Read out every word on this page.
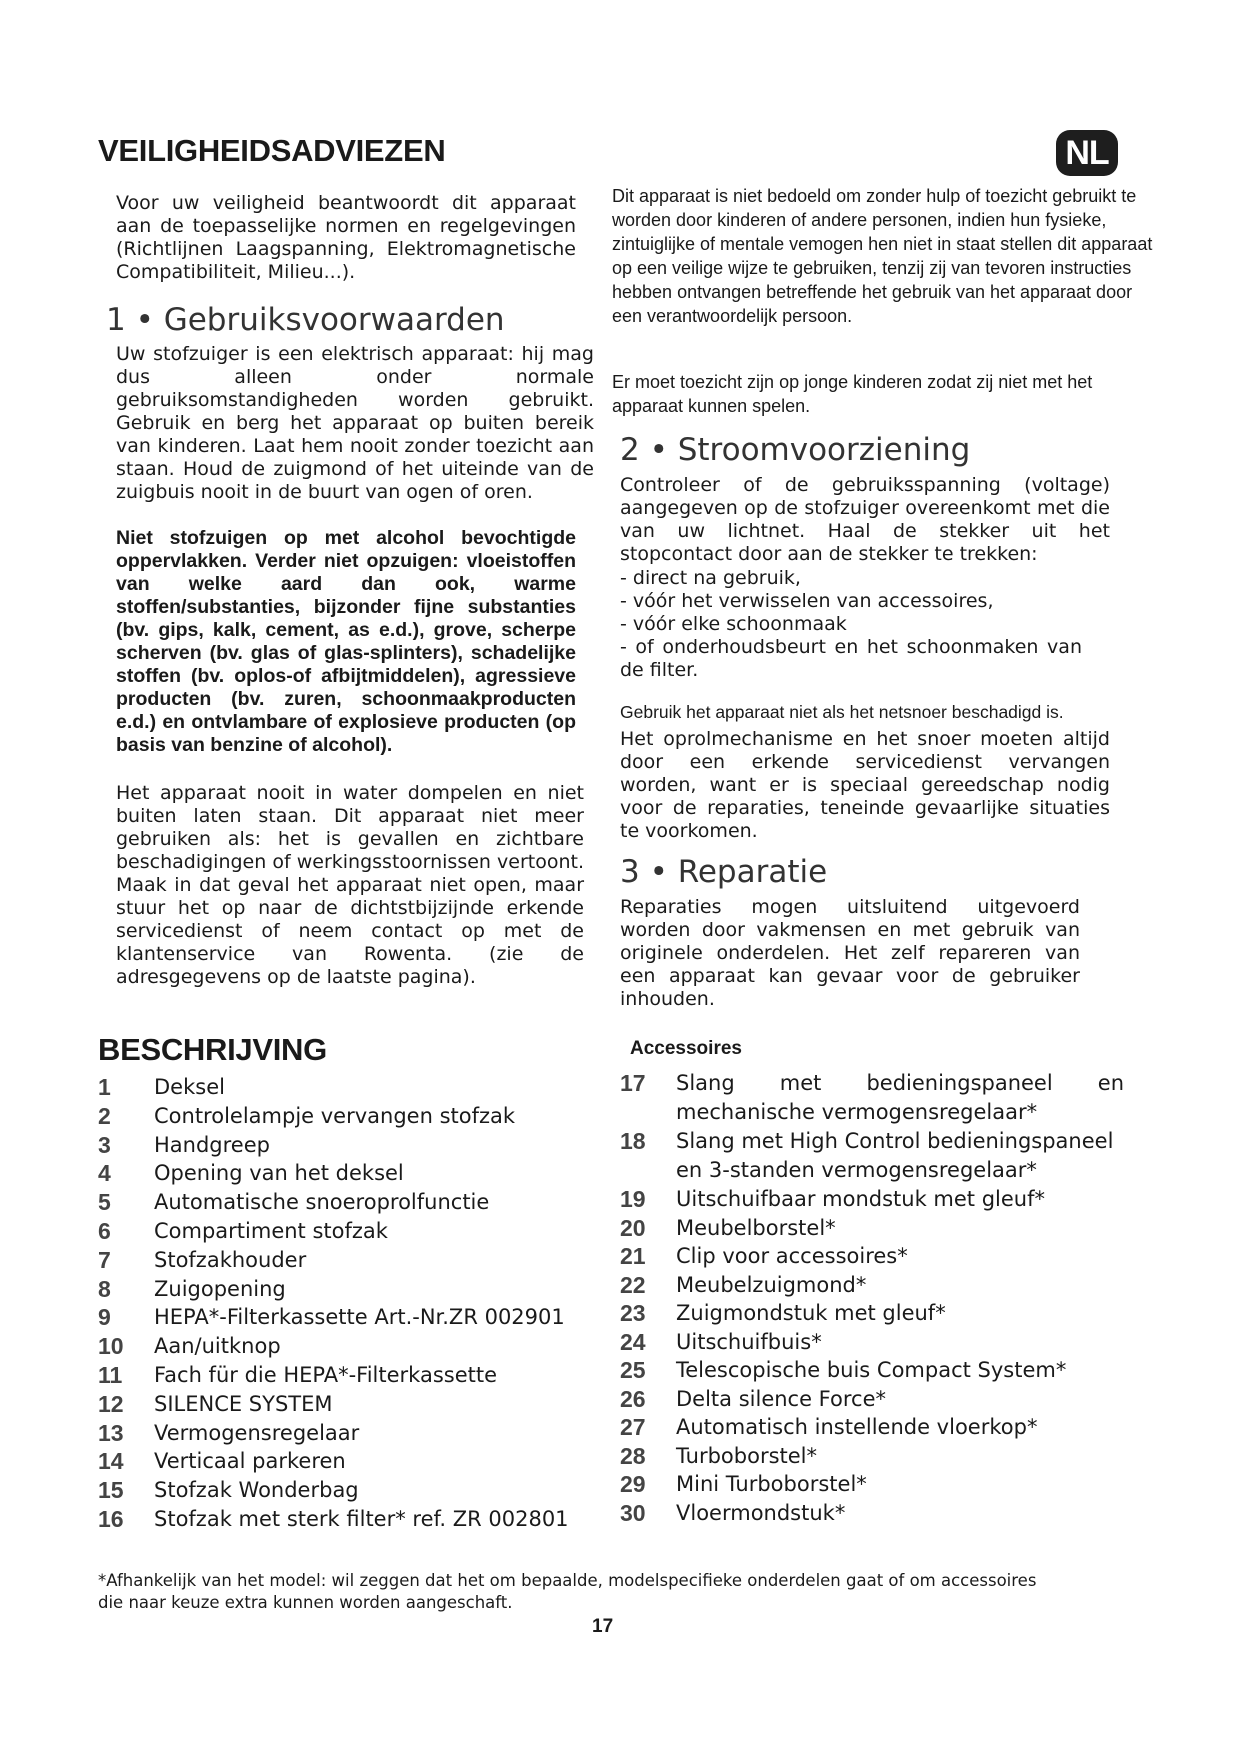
VEILIGHEIDSADVIEZEN	NL

Voor uw veiligheid beantwoordt dit apparaat aan de toepasselijke normen en regelgevingen (Richtlijnen Laagspanning, Elektromagnetische Compatibiliteit, Milieu...).

1 • Gebruiksvoorwaarden

Uw stofzuiger is een elektrisch apparaat: hij mag dus alleen onder normale gebruiksomstandigheden worden gebruikt. Gebruik en berg het apparaat op buiten bereik van kinderen. Laat hem nooit zonder toezicht aan staan. Houd de zuigmond of het uiteinde van de zuigbuis nooit in de buurt van ogen of oren.

Niet stofzuigen op met alcohol bevochtigde oppervlakken. Verder niet opzuigen: vloeistoffen van welke aard dan ook, warme stoffen/substanties, bijzonder fijne substanties (bv. gips, kalk, cement, as e.d.), grove, scherpe scherven (bv. glas of glas-splinters), schadelijke stoffen (bv. oplos-of afbijtmiddelen), agressieve producten (bv. zuren, schoonmaakproducten e.d.) en ontvlambare of explosieve producten (op basis van benzine of alcohol).

Het apparaat nooit in water dompelen en niet buiten laten staan. Dit apparaat niet meer gebruiken als: het is gevallen en zichtbare beschadigingen of werkingsstoornissen vertoont. Maak in dat geval het apparaat niet open, maar stuur het op naar de dichtstbijzijnde erkende servicedienst of neem contact op met de klantenservice van Rowenta. (zie de adresgegevens op de laatste pagina).

Dit apparaat is niet bedoeld om zonder hulp of toezicht gebruikt te worden door kinderen of andere personen, indien hun fysieke, zintuiglijke of mentale vemogen hen niet in staat stellen dit apparaat op een veilige wijze te gebruiken, tenzij zij van tevoren instructies hebben ontvangen betreffende het gebruik van het apparaat door een verantwoordelijk persoon.

Er moet toezicht zijn op jonge kinderen zodat zij niet met het apparaat kunnen spelen.

2 • Stroomvoorziening

Controleer of de gebruiksspanning (voltage) aangegeven op de stofzuiger overeenkomt met die van uw lichtnet. Haal de stekker uit het stopcontact door aan de stekker te trekken:

- direct na gebruik,
- vóór het verwisselen van accessoires,
- vóór elke schoonmaak
- of onderhoudsbeurt en het schoonmaken van de filter.

Gebruik het apparaat niet als het netsnoer beschadigd is.

Het oprolmechanisme en het snoer moeten altijd door een erkende servicedienst vervangen worden, want er is speciaal gereedschap nodig voor de reparaties, teneinde gevaarlijke situaties te voorkomen.

3 • Reparatie

Reparaties mogen uitsluitend uitgevoerd worden door vakmensen en met gebruik van originele onderdelen. Het zelf repareren van een apparaat kan gevaar voor de gebruiker inhouden.

BESCHRIJVING
1	Deksel
2	Controlelampje vervangen stofzak
3	Handgreep
4	Opening van het deksel
5	Automatische snoeroprolfunctie
6	Compartiment stofzak
7	Stofzakhouder
8	Zuigopening
9	HEPA*-Filterkassette Art.-Nr.ZR 002901
10	Aan/uitknop
11	Fach für die HEPA*-Filterkassette
12	SILENCE SYSTEM
13	Vermogensregelaar
14	Verticaal parkeren
15	Stofzak Wonderbag
16	Stofzak met sterk filter* ref. ZR 002801
Accessoires
17	Slang met bedieningspaneel en mechanische vermogensregelaar*
18	Slang met High Control bedieningspaneel en 3-standen vermogensregelaar*
19	Uitschuifbaar mondstuk met gleuf*
20	Meubelborstel*
21	Clip voor accessoires*
22	Meubelzuigmond*
23	Zuigmondstuk met gleuf*
24	Uitschuifbuis*
25	Telescopische buis Compact System*
26	Delta silence Force*
27	Automatisch instellende vloerkop*
28	Turboborstel*
29	Mini Turboborstel*
30	Vloermondstuk*

*Afhankelijk van het model: wil zeggen dat het om bepaalde, modelspecifieke onderdelen gaat of om accessoires die naar keuze extra kunnen worden aangeschaft.

17
